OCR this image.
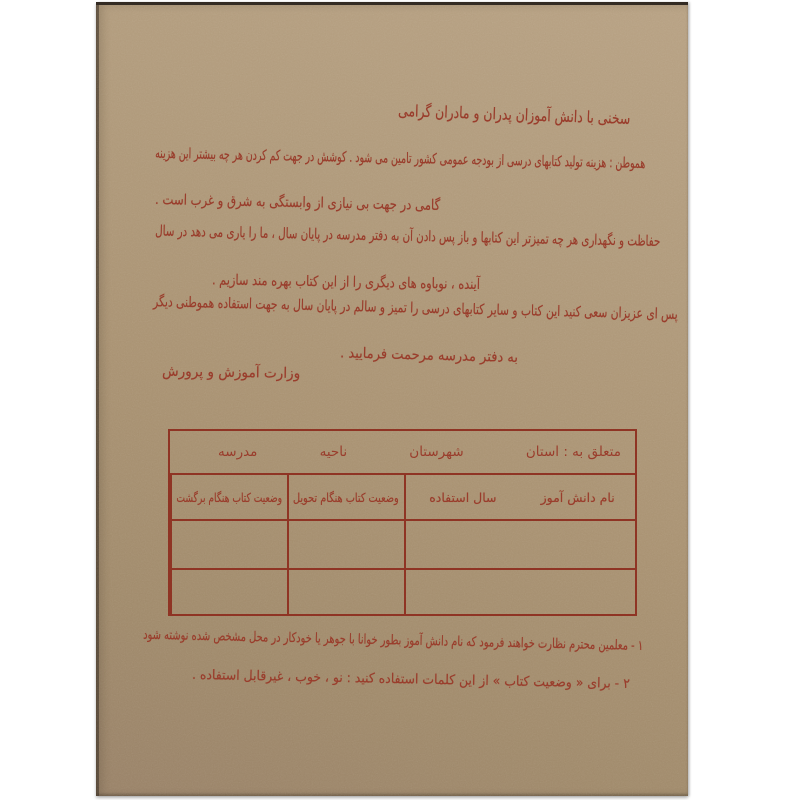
سخنی با دانش آموزان پدران و مادران گرامی
هموطن : هزینه تولید کتابهای درسی از بودجه عمومی کشور تامین می شود . کوشش در جهت کم کردن هر چه بیشتر این هزینه
گامی در جهت بی نیازی از وابستگی به شرق و غرب است .
حفاظت و نگهداری هر چه تمیزتر این کتابها و باز پس دادن آن به دفتر مدرسه در پایان سال ، ما را یاری می دهد در سال
آینده ، نوباوه های دیگری را از این کتاب بهره مند سازیم .
پس ای عزیزان سعی کنید این کتاب و سایر کتابهای درسی را تمیز و سالم در پایان سال به جهت استفاده هموطنی دیگر
به دفتر مدرسه مرحمت فرمایید .
وزارت آموزش و پرورش
متعلق به : استان
شهرستان
ناحیه
مدرسه
نام دانش آموز
سال استفاده
وضعیت کتاب هنگام تحویل
وضعیت کتاب هنگام برگشت
۱ - معلمین محترم نظارت خواهند فرمود که نام دانش آموز بطور خوانا با جوهر یا خودکار در محل مشخص شده نوشته شود
۲ - برای « وضعیت کتاب » از این کلمات استفاده کنید : نو ، خوب ، غیرقابل استفاده .
